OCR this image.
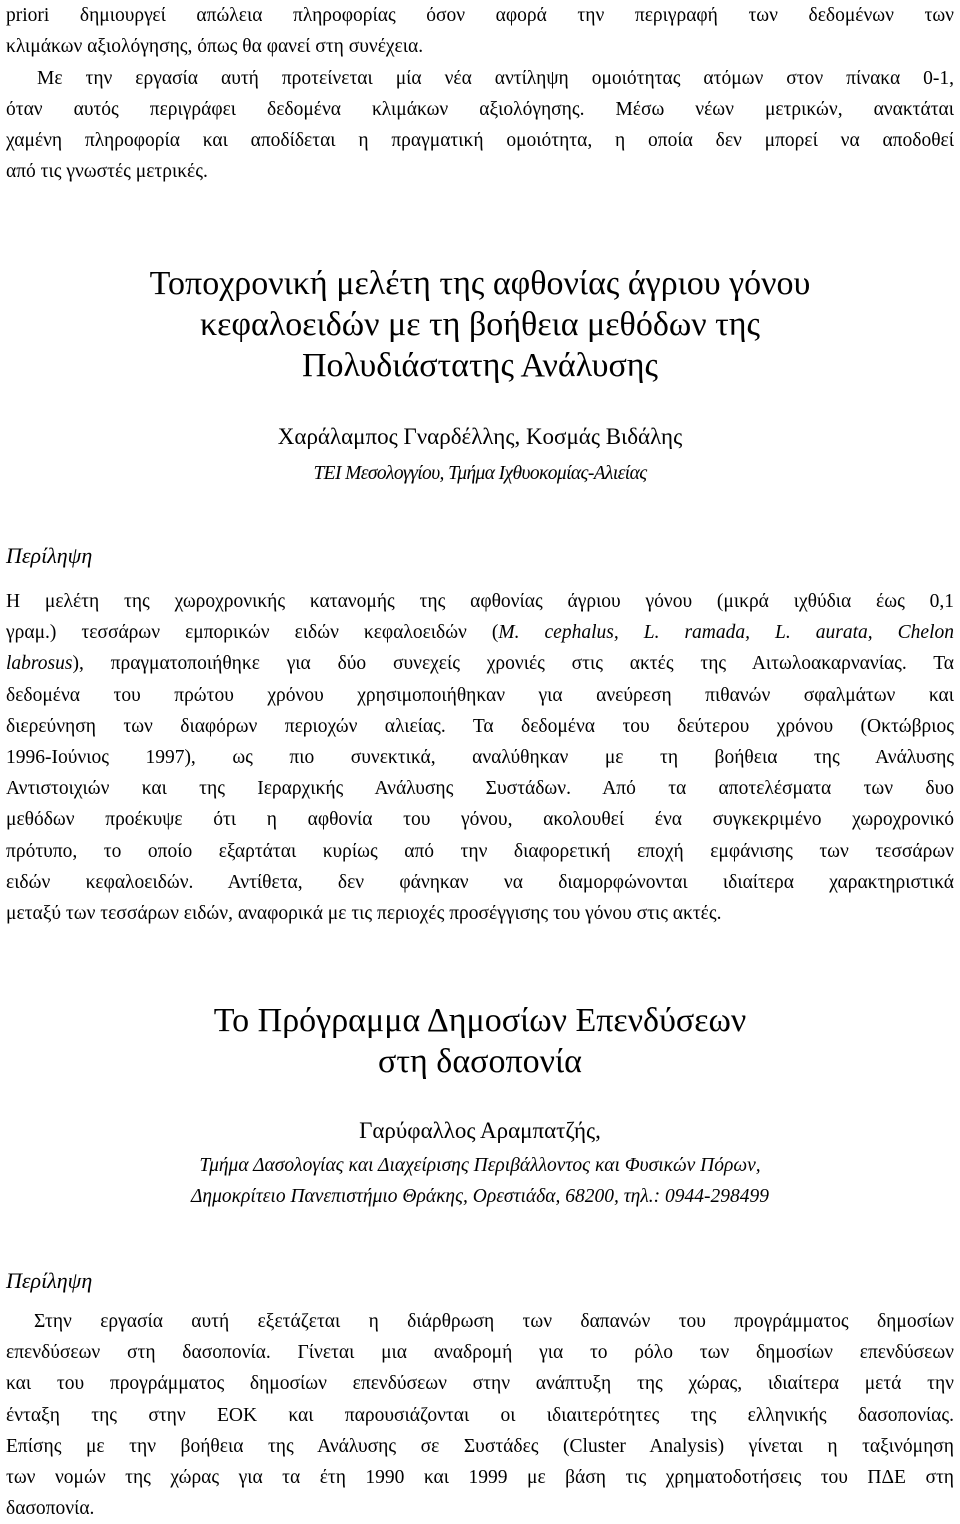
priori δημιουργεί απώλεια πληροφορίας όσον αφορά την περιγραφή των δεδομένων των
κλιμάκων αξιολόγησης, όπως θα φανεί στη συνέχεια.
Με την εργασία αυτή προτείνεται μία νέα αντίληψη ομοιότητας ατόμων στον πίνακα 0-1,
όταν αυτός περιγράφει δεδομένα κλιμάκων αξιολόγησης. Μέσω νέων μετρικών, ανακτάται
χαμένη πληροφορία και αποδίδεται η πραγματική ομοιότητα, η οποία δεν μπορεί να αποδοθεί
από τις γνωστές μετρικές.
Τοποχρονική μελέτη της αφθονίας άγριου γόνου
κεφαλοειδών με τη βοήθεια μεθόδων της
Πολυδιάστατης Ανάλυσης
Χαράλαμπος Γναρδέλλης, Κοσμάς Βιδάλης
ΤΕΙ Μεσολογγίου, Τμήμα Ιχθυοκομίας-Αλιείας
Περίληψη
Η μελέτη της χωροχρονικής κατανομής της αφθονίας άγριου γόνου (μικρά ιχθύδια έως 0,1
γραμ.) τεσσάρων εμπορικών ειδών κεφαλοειδών (M. cephalus, L. ramada, L. aurata, Chelon
labrosus), πραγματοποιήθηκε για δύο συνεχείς χρονιές στις ακτές της Αιτωλοακαρνανίας. Τα
δεδομένα του πρώτου χρόνου χρησιμοποιήθηκαν για ανεύρεση πιθανών σφαλμάτων και
διερεύνηση των διαφόρων περιοχών αλιείας. Τα δεδομένα του δεύτερου χρόνου (Οκτώβριος
1996-Ιούνιος 1997), ως πιο συνεκτικά, αναλύθηκαν με τη βοήθεια της Ανάλυσης
Αντιστοιχιών και της Ιεραρχικής Ανάλυσης Συστάδων. Από τα αποτελέσματα των δυο
μεθόδων προέκυψε ότι η αφθονία του γόνου, ακολουθεί ένα συγκεκριμένο χωροχρονικό
πρότυπο, το οποίο εξαρτάται κυρίως από την διαφορετική εποχή εμφάνισης των τεσσάρων
ειδών κεφαλοειδών. Αντίθετα, δεν φάνηκαν να διαμορφώνονται ιδιαίτερα χαρακτηριστικά
μεταξύ των τεσσάρων ειδών, αναφορικά με τις περιοχές προσέγγισης του γόνου στις ακτές.
Το Πρόγραμμα Δημοσίων Επενδύσεων
στη δασοπονία
Γαρύφαλλος Αραμπατζής,
Τμήμα Δασολογίας και Διαχείρισης Περιβάλλοντος και Φυσικών Πόρων,
Δημοκρίτειο Πανεπιστήμιο Θράκης, Ορεστιάδα, 68200, τηλ.: 0944-298499
Περίληψη
Στην εργασία αυτή εξετάζεται η διάρθρωση των δαπανών του προγράμματος δημοσίων
επενδύσεων στη δασοπονία. Γίνεται μια αναδρομή για το ρόλο των δημοσίων επενδύσεων
και του προγράμματος δημοσίων επενδύσεων στην ανάπτυξη της χώρας, ιδιαίτερα μετά την
ένταξη της στην ΕΟΚ και παρουσιάζονται οι ιδιαιτερότητες της ελληνικής δασοπονίας.
Επίσης με την βοήθεια της Ανάλυσης σε Συστάδες (Cluster Analysis) γίνεται η ταξινόμηση
των νομών της χώρας για τα έτη 1990 και 1999 με βάση τις χρηματοδοτήσεις του ΠΔΕ στη
δασοπονία.
